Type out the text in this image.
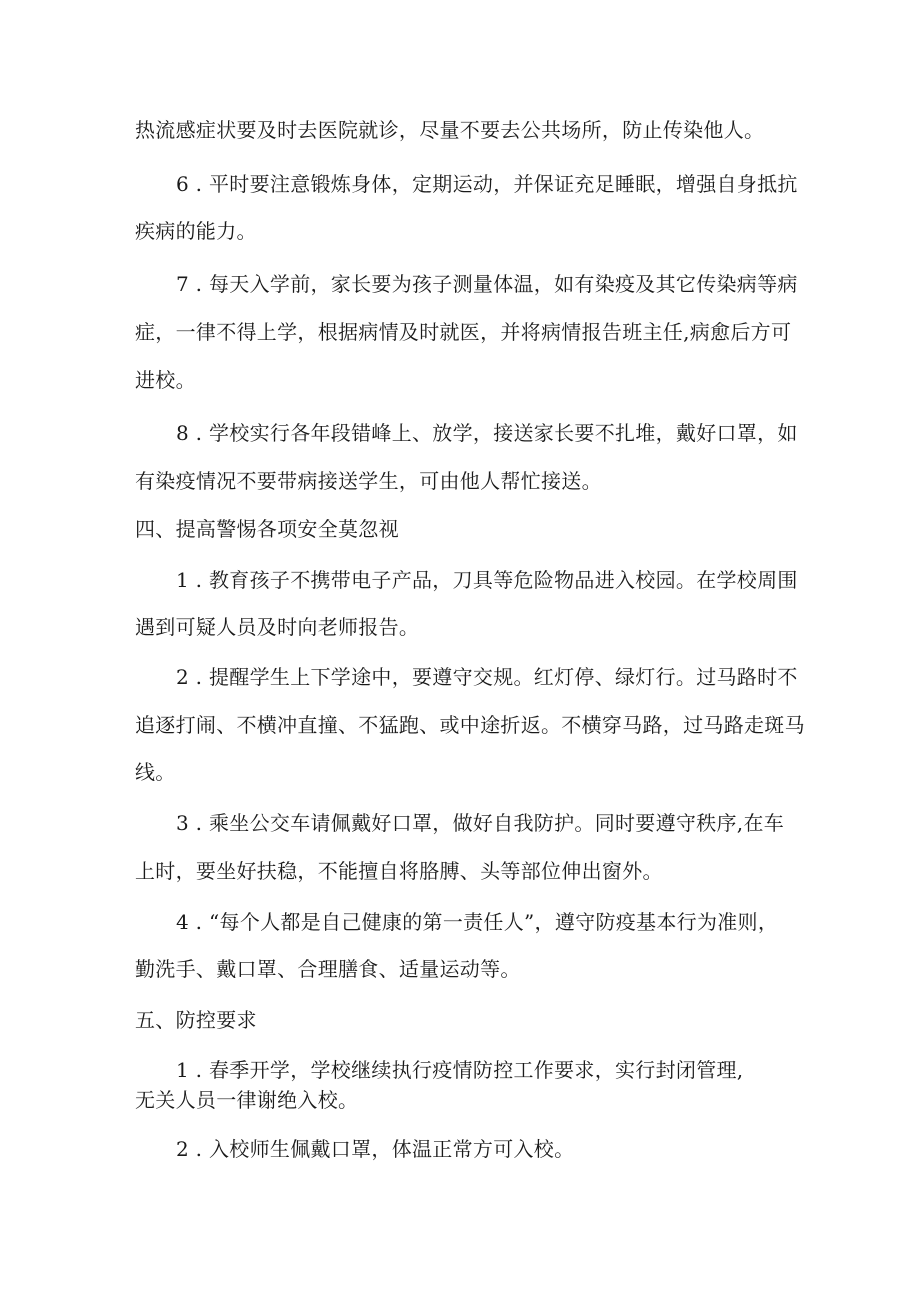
热流感症状要及时去医院就诊，尽量不要去公共场所，防止传染他人。
6 . 平时要注意锻炼身体，定期运动，并保证充足睡眠，增强自身抵抗
疾病的能力。
7 . 每天入学前，家长要为孩子测量体温，如有染疫及其它传染病等病
症，一律不得上学，根据病情及时就医，并将病情报告班主任,病愈后方可
进校。
8 . 学校实行各年段错峰上、放学，接送家长要不扎堆，戴好口罩，如
有染疫情况不要带病接送学生，可由他人帮忙接送。
四、提高警惕各项安全莫忽视
1 . 教育孩子不携带电子产品，刀具等危险物品进入校园。在学校周围
遇到可疑人员及时向老师报告。
2 . 提醒学生上下学途中，要遵守交规。红灯停、绿灯行。过马路时不
追逐打闹、不横冲直撞、不猛跑、或中途折返。不横穿马路，过马路走斑马
线。
3 . 乘坐公交车请佩戴好口罩，做好自我防护。同时要遵守秩序,在车
上时，要坐好扶稳，不能擅自将胳膊、头等部位伸出窗外。
4 . “每个人都是自己健康的第一责任人”，遵守防疫基本行为准则，
勤洗手、戴口罩、合理膳食、适量运动等。
五、防控要求
1 . 春季开学，学校继续执行疫情防控工作要求，实行封闭管理,
无关人员一律谢绝入校。
2 . 入校师生佩戴口罩，体温正常方可入校。
